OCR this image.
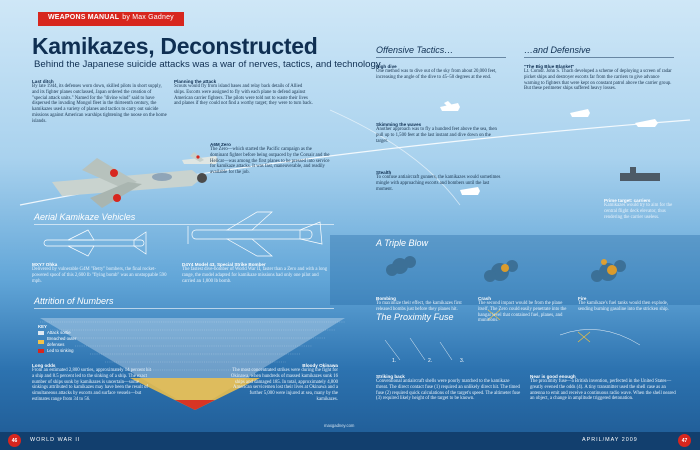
WEAPONS MANUAL by Max Gadney
Kamikazes, Deconstructed
Behind the Japanese suicide attacks was a war of nerves, tactics, and technology
Last ditch
By late 1944, its defenses worn down, skilled pilots in short supply, and its fighter planes outclassed, Japan ordered the creation of "special attack units." Named for the "divine wind" said to have dispersed the invading Mongol fleet in the thirteenth century, the kamikazes used a variety of planes and tactics to carry out suicide missions against American warships tightening the noose on the home islands.
Planning the attack
Scouts would fly from island bases and relay back details of Allied ships. Escorts were assigned to fly with each plane to defend against American carrier fighters. The pilots were told not to waste their lives and planes if they could not find a worthy target; they were to turn back.
A6M Zero
The Zero—which started the Pacific campaign as the dominant fighter before being outpaced by the Corsair and the Hellcat—was among the first planes to be pressed into service for kamikaze attacks. It was fast, maneuverable, and readily available for the job.
Aerial Kamikaze Vehicles
MXY7 Ohka
Delivered by vulnerable G4M "Betty" bombers, the final rocket-powered spoof of this 2,600 lb "flying bomb" was an unstoppable 590 mph.
D4Y4 Model 43, Special Strike Bomber
The fastest dive-bomber of World War II, faster than a Zero and with a long range, the model adapted for kamikaze missions had only one pilot and carried an 1,800 lb bomb.
Attrition of Numbers
KEY
Attack sortie
Breached outer defenses
Led to sinking
Long odds
From an estimated 2,800 sorties, approximately 14 percent hit a ship and 8.5 percent led to the sinking of a ship. The exact number of ships sunk by kamikazes is uncertain—some sinkings attributed to kamikazes may have been the result of simultaneous attacks by escorts and surface vessels—but estimates range from 34 to 56.
Bloody Okinawa
The most concentrated strikes were during the fight for Okinawa, when hundreds of massed kamikazes sunk 16 ships and damaged 185. In total, approximately 4,800 American servicemen lost their lives at Okinawa and a further 5,000 were injured at sea, many by the kamikazes.
Offensive Tactics…	…and Defensive
High dive
One method was to dive out of the sky from about 20,000 feet, increasing the angle of the dive to 45–50 degrees at the end.
"The Big Blue Blanket"
Lt. Comdr. John S. Thach developed a scheme of deploying a screen of radar picket ships and destroyer escorts far from the carriers to give advance warning to fighters that were kept on constant patrol above the carrier group. But these perimeter ships suffered heavy losses.
Skimming the waves
Another approach was to fly a hundred feet above the sea, then pull up to 1,500 feet at the last instant and dive down on the target.
Stealth
To confuse antiaircraft gunners, the kamikazes would sometimes mingle with approaching escorts and bombers until the last moment.
Prime target: carriers
Kamikazes would try to aim for the central flight deck elevator, thus rendering the carrier useless.
A Triple Blow
Bombing
To maximize their effect, the kamikazes first released bombs just before they planes hit.
Crash
The second impact would be from the plane itself. The Zero could easily penetrate into the hangar level that contained fuel, planes, and munitions.
Fire
The kamikaze's fuel tanks would then explode, sending burning gasoline into the stricken ship.
The Proximity Fuse
1.	2.	3.
Striking back
Conventional antiaircraft shells were poorly matched to the kamikaze threat. The direct contact fuse (1) required an unlikely direct hit. The timed fuse (2) required quick calculations of the target's speed. The altimeter fuse (3) required likely height of the target to be known.
Near is good enough
The proximity fuse—a British invention, perfected in the United States—greatly evened the odds (4). A tiny transmitter used the shell case as an antenna to emit and receive a continuous radio wave. When the shell neared an object, a change in amplitude triggered detonation.
maxgadney.com
46	WORLD WAR II	APRIL/MAY 2009	47
